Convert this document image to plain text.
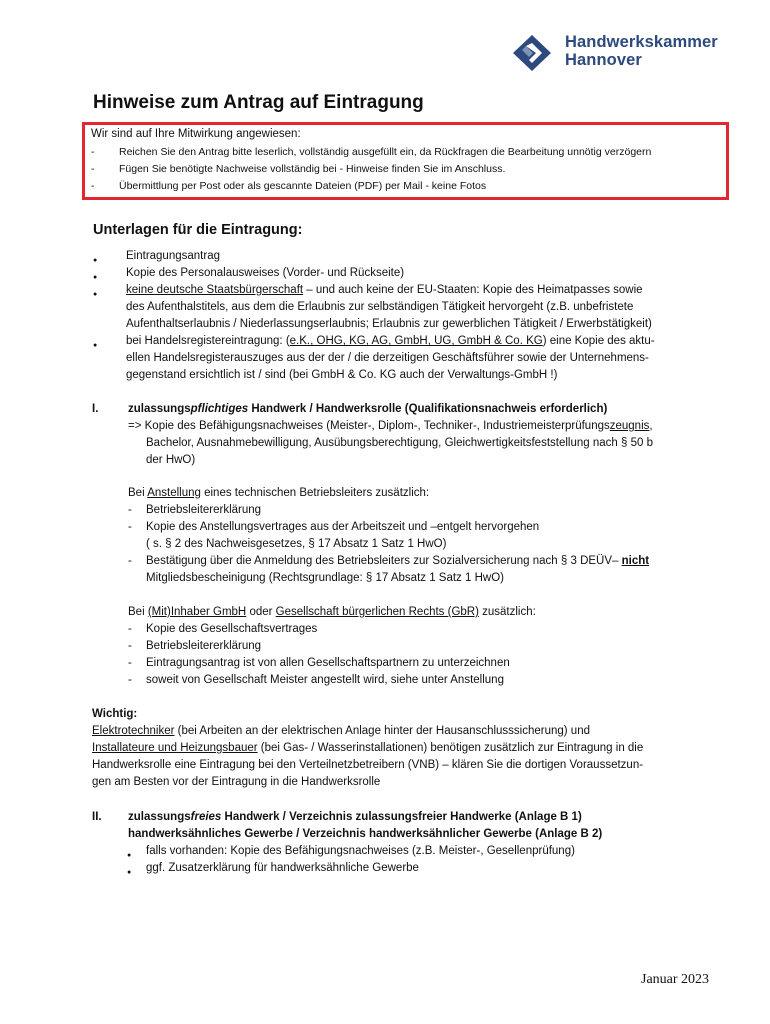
Handwerkskammer
Hannover
Hinweise zum Antrag auf Eintragung
Wir sind auf Ihre Mitwirkung angewiesen:
- Reichen Sie den Antrag bitte leserlich, vollständig ausgefüllt ein, da Rückfragen die Bearbeitung unnötig verzögern
- Fügen Sie benötigte Nachweise vollständig bei - Hinweise finden Sie im Anschluss.
- Übermittlung per Post oder als gescannte Dateien (PDF) per Mail - keine Fotos
Unterlagen für die Eintragung:
● Eintragungsantrag
● Kopie des Personalausweises (Vorder- und Rückseite)
● keine deutsche Staatsbürgerschaft – und auch keine der EU-Staaten: Kopie des Heimatpasses sowie
des Aufenthalstitels, aus dem die Erlaubnis zur selbständigen Tätigkeit hervorgeht (z.B. unbefristete
Aufenthaltserlaubnis / Niederlassungserlaubnis; Erlaubnis zur gewerblichen Tätigkeit / Erwerbstätigkeit)
● bei Handelsregistereintragung: (e.K., OHG, KG, AG, GmbH, UG, GmbH & Co. KG) eine Kopie des aktu-
ellen Handelsregisterauszuges aus der der / die derzeitigen Geschäftsführer sowie der Unternehmens-
gegenstand ersichtlich ist / sind (bei GmbH & Co. KG auch der Verwaltungs-GmbH !)
I.	zulassungspflichtiges Handwerk / Handwerksrolle (Qualifikationsnachweis erforderlich)
=> Kopie des Befähigungsnachweises (Meister-, Diplom-, Techniker-, Industriemeisterprüfungszeugnis,
Bachelor, Ausnahmebewilligung, Ausübungsberechtigung, Gleichwertigkeitsfeststellung nach § 50 b
der HwO)
Bei Anstellung eines technischen Betriebsleiters zusätzlich:
- Betriebsleitererklärung
- Kopie des Anstellungsvertrages aus der Arbeitszeit und –entgelt hervorgehen
( s. § 2 des Nachweisgesetzes, § 17 Absatz 1 Satz 1 HwO)
- Bestätigung über die Anmeldung des Betriebsleiters zur Sozialversicherung nach § 3 DEÜV– nicht
Mitgliedsbescheinigung (Rechtsgrundlage: § 17 Absatz 1 Satz 1 HwO)
Bei (Mit)Inhaber GmbH oder Gesellschaft bürgerlichen Rechts (GbR) zusätzlich:
- Kopie des Gesellschaftsvertrages
- Betriebsleitererklärung
- Eintragungsantrag ist von allen Gesellschaftspartnern zu unterzeichnen
- soweit von Gesellschaft Meister angestellt wird, siehe unter Anstellung
Wichtig:
Elektrotechniker (bei Arbeiten an der elektrischen Anlage hinter der Hausanschlusssicherung) und
Installateure und Heizungsbauer (bei Gas- / Wasserinstallationen) benötigen zusätzlich zur Eintragung in die
Handwerksrolle eine Eintragung bei den Verteilnetzbetreibern (VNB) – klären Sie die dortigen Voraussetzun-
gen am Besten vor der Eintragung in die Handwerksrolle
II. zulassungsfreies Handwerk / Verzeichnis zulassungsfreier Handwerke (Anlage B 1)
handwerksähnliches Gewerbe / Verzeichnis handwerksähnlicher Gewerbe (Anlage B 2)
● falls vorhanden: Kopie des Befähigungsnachweises (z.B. Meister-, Gesellenprüfung)
● ggf. Zusatzerklärung für handwerksähnliche Gewerbe
Januar 2023
